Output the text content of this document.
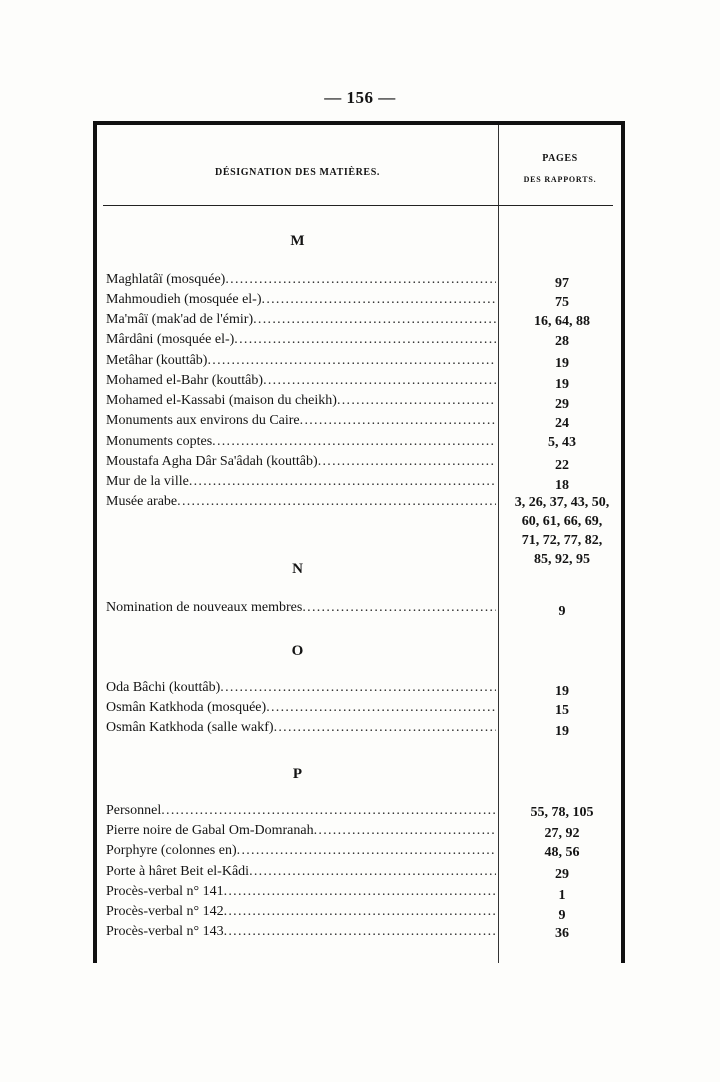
— 156 —
DÉSIGNATION DES MATIÈRES.
PAGES
DES RAPPORTS.
M
Maghlatâï (mosquée) .....	97
Mahmoudieh (mosquée el-) .....	75
Ma'mâï (mak'ad de l'émir) .....	16, 64, 88
Mârdâni (mosquée el-) .....	28
Metâhar (kouttâb) .....	19
Mohamed el-Bahr (kouttâb) .....	19
Mohamed el-Kassabi (maison du cheikh) .....	29
Monuments aux environs du Caire .....	24
Monuments coptes .....	5, 43
Moustafa Agha Dâr Sa'âdah (kouttâb) .....	22
Mur de la ville .....	18
Musée arabe .....	3, 26, 37, 43, 50,
60, 61, 66, 69,
71, 72, 77, 82,
85, 92, 95
N
Nomination de nouveaux membres .....	9
O
Oda Bâchi (kouttâb) .....	19
Osmân Katkhoda (mosquée) .....	15
Osmân Katkhoda (salle wakf) .....	19
P
Personnel .....	55, 78, 105
Pierre noire de Gabal Om-Domranah .....	27, 92
Porphyre (colonnes en) .....	48, 56
Porte à hâret Beit el-Kâdi .....	29
Procès-verbal n° 141 .....	1
Procès-verbal n° 142 .....	9
Procès-verbal n° 143 .....	36
